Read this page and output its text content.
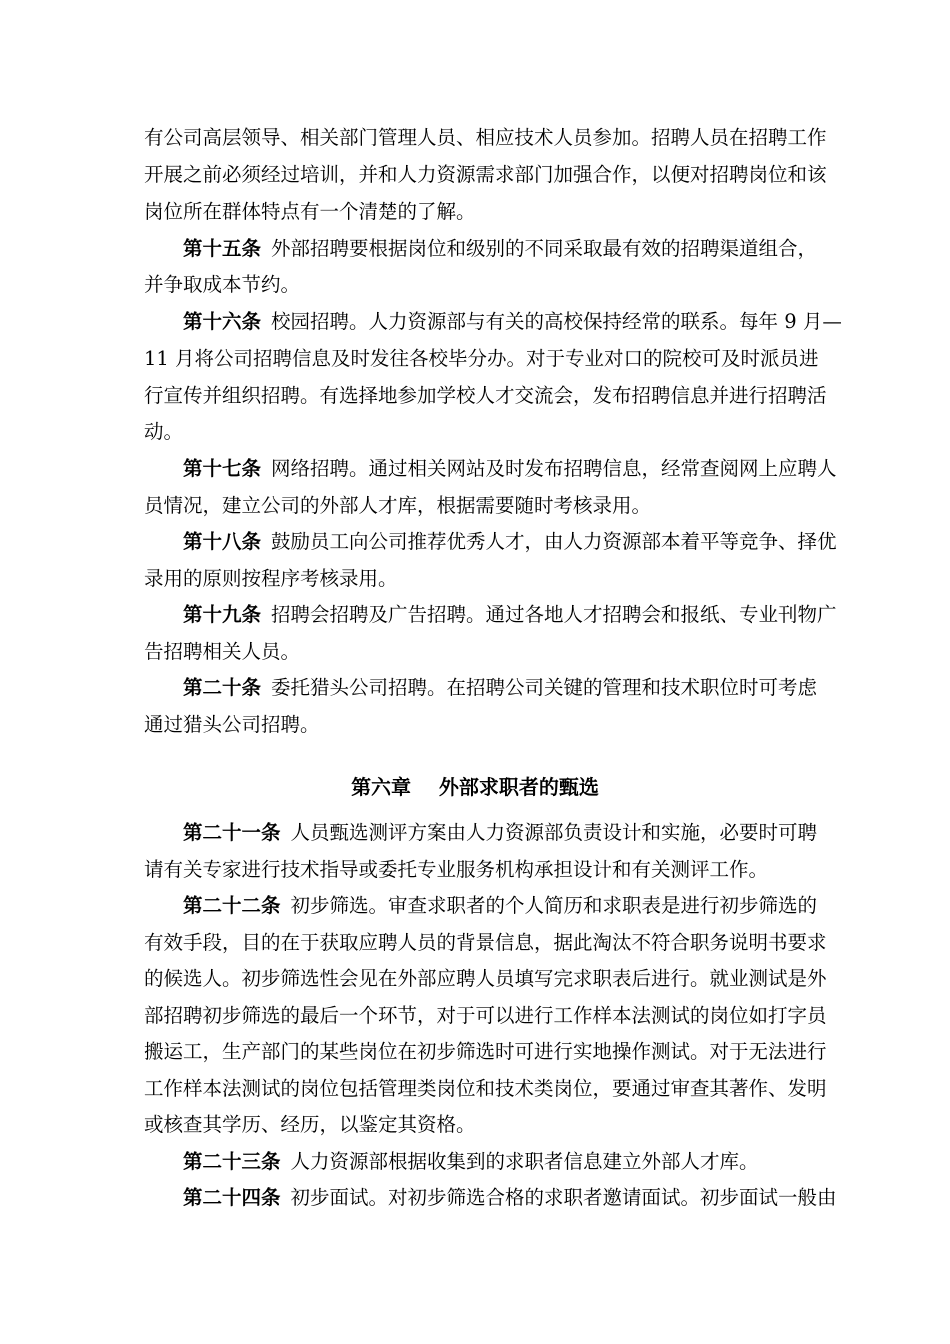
有公司高层领导、相关部门管理人员、相应技术人员参加。招聘人员在招聘工作
开展之前必须经过培训，并和人力资源需求部门加强合作，以便对招聘岗位和该
岗位所在群体特点有一个清楚的了解。
第十五条 外部招聘要根据岗位和级别的不同采取最有效的招聘渠道组合，
并争取成本节约。
第十六条 校园招聘。人力资源部与有关的高校保持经常的联系。每年 9 月—
11 月将公司招聘信息及时发往各校毕分办。对于专业对口的院校可及时派员进
行宣传并组织招聘。有选择地参加学校人才交流会，发布招聘信息并进行招聘活
动。
第十七条 网络招聘。通过相关网站及时发布招聘信息，经常查阅网上应聘人
员情况，建立公司的外部人才库，根据需要随时考核录用。
第十八条 鼓励员工向公司推荐优秀人才，由人力资源部本着平等竞争、择优
录用的原则按程序考核录用。
第十九条 招聘会招聘及广告招聘。通过各地人才招聘会和报纸、专业刊物广
告招聘相关人员。
第二十条 委托猎头公司招聘。在招聘公司关键的管理和技术职位时可考虑
通过猎头公司招聘。
第六章    外部求职者的甄选
第二十一条 人员甄选测评方案由人力资源部负责设计和实施，必要时可聘
请有关专家进行技术指导或委托专业服务机构承担设计和有关测评工作。
第二十二条 初步筛选。审查求职者的个人简历和求职表是进行初步筛选的
有效手段，目的在于获取应聘人员的背景信息，据此淘汰不符合职务说明书要求
的候选人。初步筛选性会见在外部应聘人员填写完求职表后进行。就业测试是外
部招聘初步筛选的最后一个环节，对于可以进行工作样本法测试的岗位如打字员
搬运工，生产部门的某些岗位在初步筛选时可进行实地操作测试。对于无法进行
工作样本法测试的岗位包括管理类岗位和技术类岗位，要通过审查其著作、发明
或核查其学历、经历，以鉴定其资格。
第二十三条 人力资源部根据收集到的求职者信息建立外部人才库。
第二十四条 初步面试。对初步筛选合格的求职者邀请面试。初步面试一般由
